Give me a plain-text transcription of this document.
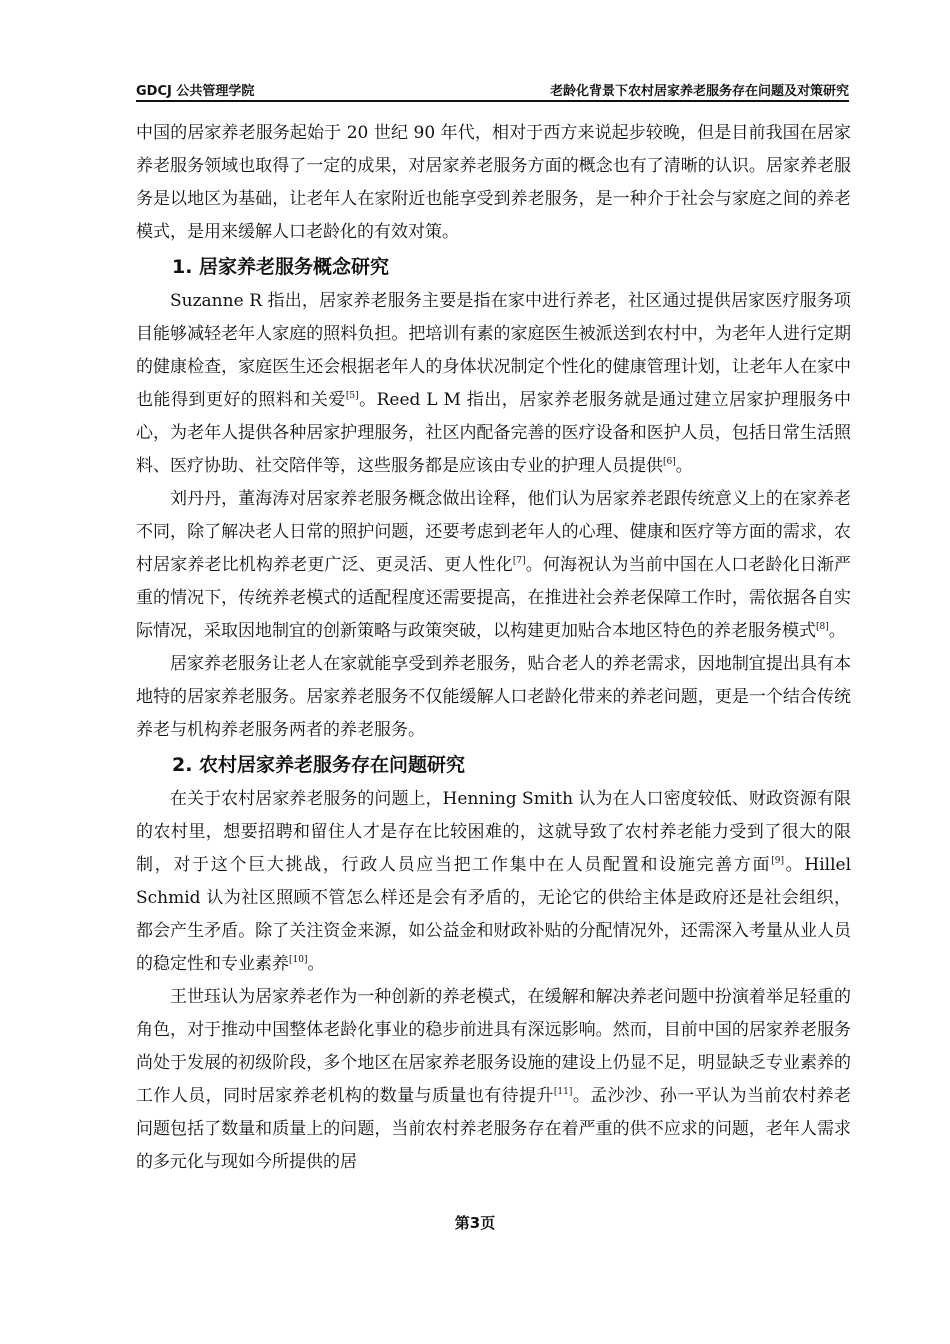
GDCJ 公共管理学院	老龄化背景下农村居家养老服务存在问题及对策研究

中国的居家养老服务起始于 20 世纪 90 年代，相对于西方来说起步较晚，但是目前我国在居家养老服务领域也取得了一定的成果，对居家养老服务方面的概念也有了清晰的认识。居家养老服务是以地区为基础，让老年人在家附近也能享受到养老服务，是一种介于社会与家庭之间的养老模式，是用来缓解人口老龄化的有效对策。

1. 居家养老服务概念研究

Suzanne R 指出，居家养老服务主要是指在家中进行养老，社区通过提供居家医疗服务项目能够减轻老年人家庭的照料负担。把培训有素的家庭医生被派送到农村中，为老年人进行定期的健康检查，家庭医生还会根据老年人的身体状况制定个性化的健康管理计划，让老年人在家中也能得到更好的照料和关爱[5]。Reed L M 指出，居家养老服务就是通过建立居家护理服务中心，为老年人提供各种居家护理服务，社区内配备完善的医疗设备和医护人员，包括日常生活照料、医疗协助、社交陪伴等，这些服务都是应该由专业的护理人员提供[6]。

刘丹丹，董海涛对居家养老服务概念做出诠释，他们认为居家养老跟传统意义上的在家养老不同，除了解决老人日常的照护问题，还要考虑到老年人的心理、健康和医疗等方面的需求，农村居家养老比机构养老更广泛、更灵活、更人性化[7]。何海祝认为当前中国在人口老龄化日渐严重的情况下，传统养老模式的适配程度还需要提高，在推进社会养老保障工作时，需依据各自实际情况，采取因地制宜的创新策略与政策突破，以构建更加贴合本地区特色的养老服务模式[8]。

居家养老服务让老人在家就能享受到养老服务，贴合老人的养老需求，因地制宜提出具有本地特的居家养老服务。居家养老服务不仅能缓解人口老龄化带来的养老问题，更是一个结合传统养老与机构养老服务两者的养老服务。

2. 农村居家养老服务存在问题研究

在关于农村居家养老服务的问题上，Henning Smith 认为在人口密度较低、财政资源有限的农村里，想要招聘和留住人才是存在比较困难的，这就导致了农村养老能力受到了很大的限制，对于这个巨大挑战，行政人员应当把工作集中在人员配置和设施完善方面[9]。Hillel Schmid 认为社区照顾不管怎么样还是会有矛盾的，无论它的供给主体是政府还是社会组织，都会产生矛盾。除了关注资金来源，如公益金和财政补贴的分配情况外，还需深入考量从业人员的稳定性和专业素养[10]。

王世珏认为居家养老作为一种创新的养老模式，在缓解和解决养老问题中扮演着举足轻重的角色，对于推动中国整体老龄化事业的稳步前进具有深远影响。然而，目前中国的居家养老服务尚处于发展的初级阶段，多个地区在居家养老服务设施的建设上仍显不足，明显缺乏专业素养的工作人员，同时居家养老机构的数量与质量也有待提升[11]。孟沙沙、孙一平认为当前农村养老问题包括了数量和质量上的问题，当前农村养老服务存在着严重的供不应求的问题，老年人需求的多元化与现如今所提供的居

第3页
